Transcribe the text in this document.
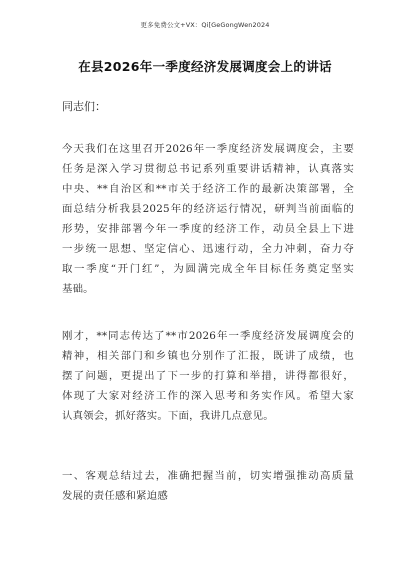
更多免费公文+VX：Qi[GeGongWen2024
在县2026年一季度经济发展调度会上的讲话
同志们：
今天我们在这里召开2026年一季度经济发展调度会，主要
任务是深入学习贯彻总书记系列重要讲话精神，认真落实
中央、**自治区和**市关于经济工作的最新决策部署，全
面总结分析我县2025年的经济运行情况，研判当前面临的
形势，安排部署今年一季度的经济工作，动员全县上下进
一步统一思想、坚定信心、迅速行动，全力冲刺，奋力夺
取一季度“开门红”，为圆满完成全年目标任务奠定坚实
基础。
刚才，**同志传达了**市2026年一季度经济发展调度会的
精神，相关部门和乡镇也分别作了汇报，既讲了成绩，也
摆了问题，更提出了下一步的打算和举措，讲得都很好，
体现了大家对经济工作的深入思考和务实作风。希望大家
认真领会，抓好落实。下面，我讲几点意见。
一、客观总结过去，准确把握当前，切实增强推动高质量
发展的责任感和紧迫感
